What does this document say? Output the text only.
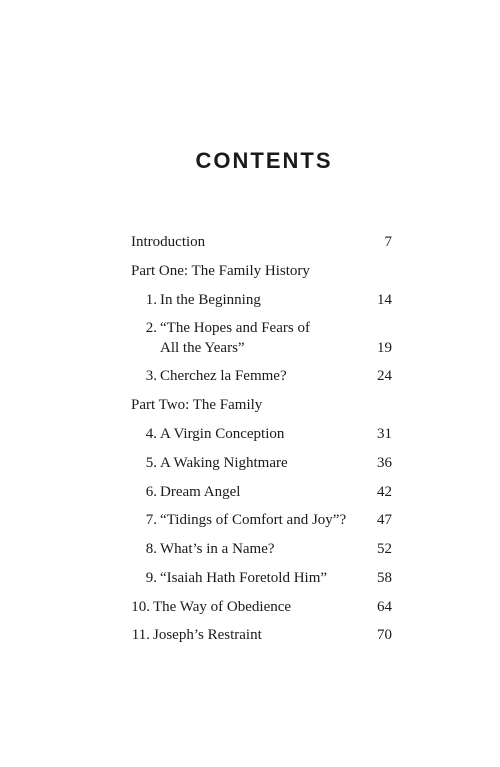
CONTENTS
Introduction	7
Part One: The Family History
1. In the Beginning	14
2. “The Hopes and Fears of
All the Years”	19
3. Cherchez la Femme?	24
Part Two: The Family
4. A Virgin Conception	31
5. A Waking Nightmare	36
6. Dream Angel	42
7. “Tidings of Comfort and Joy”? 47
8. What’s in a Name?	52
9. “Isaiah Hath Foretold Him”	58
10. The Way of Obedience	64
11. Joseph’s Restraint	70
